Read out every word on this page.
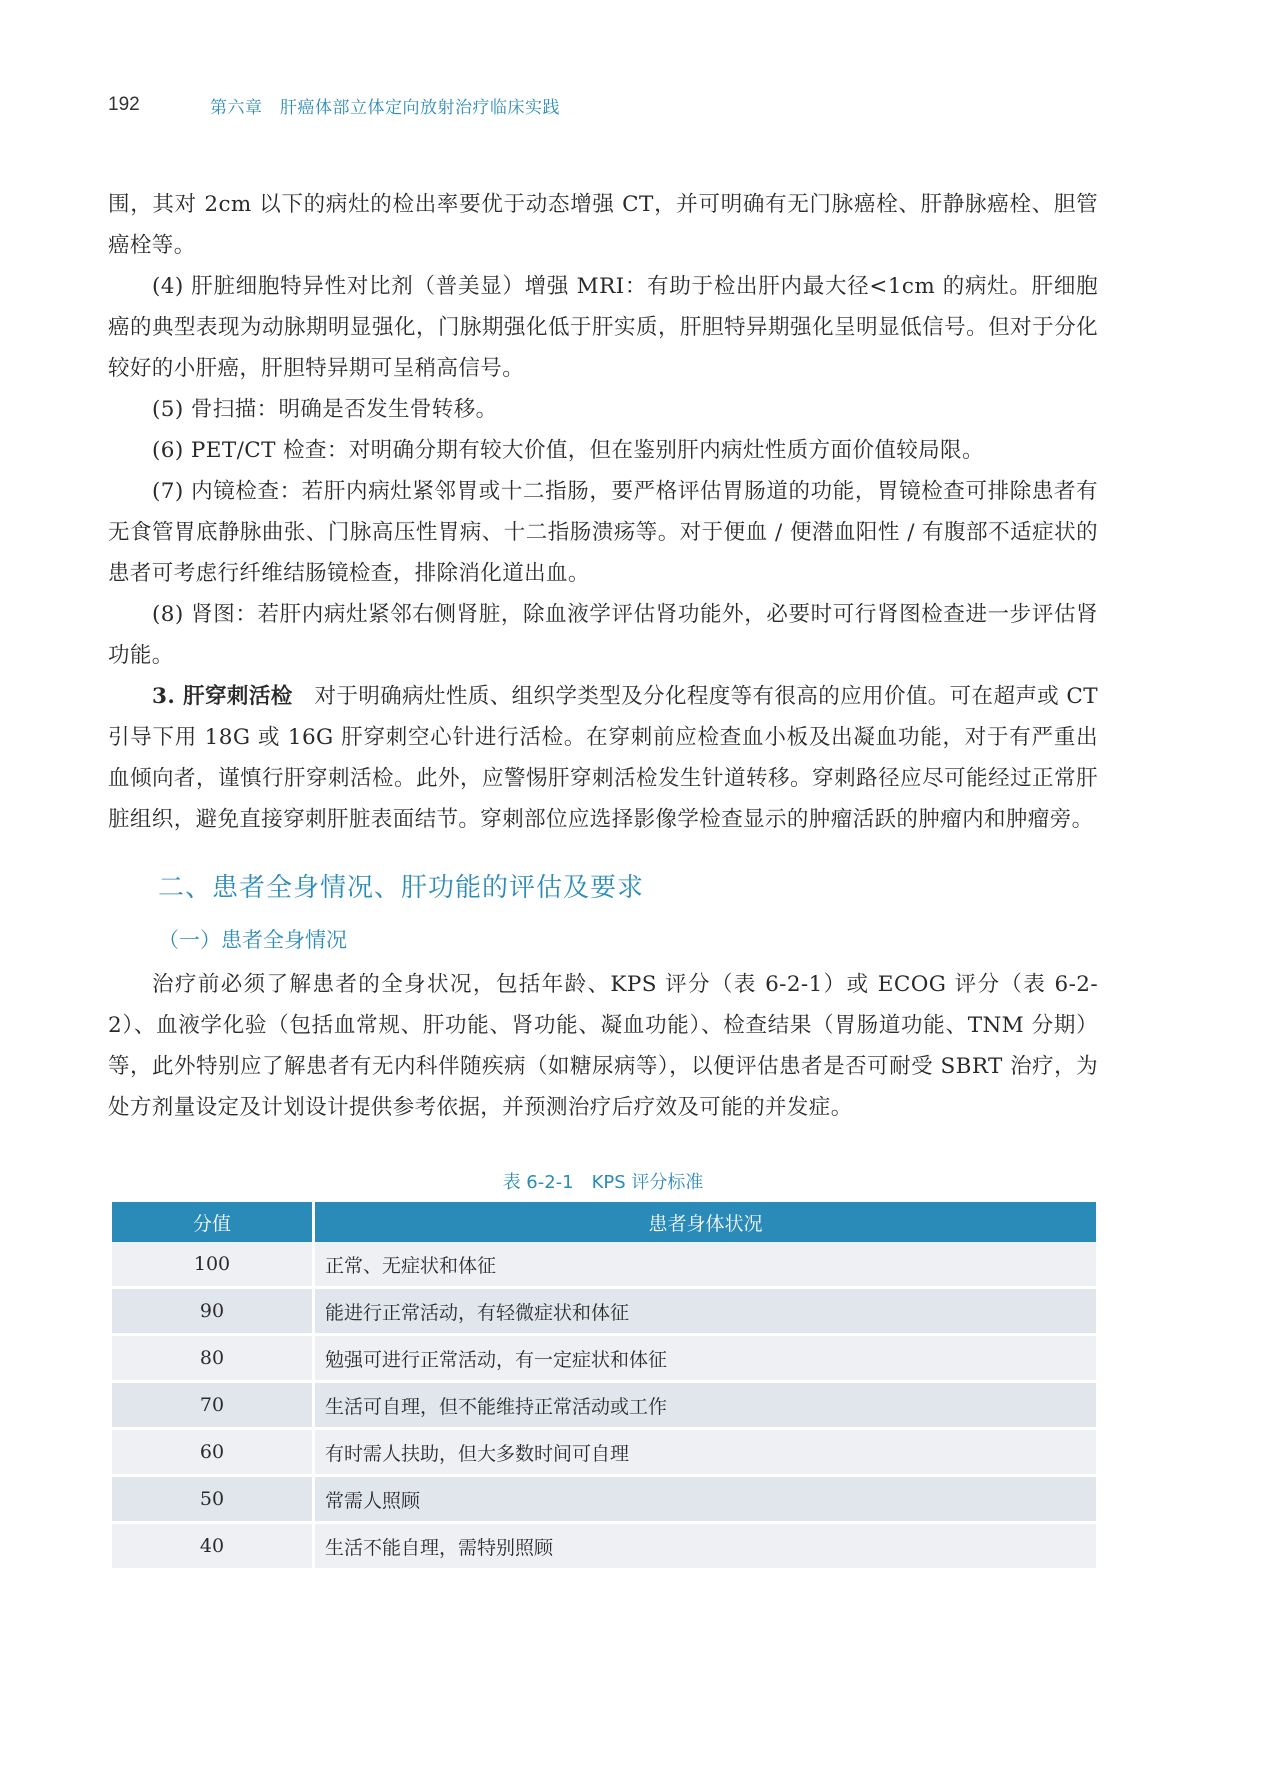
192	第六章　肝癌体部立体定向放射治疗临床实践

围，其对 2cm 以下的病灶的检出率要优于动态增强 CT，并可明确有无门脉癌栓、肝静脉癌栓、胆管癌栓等。

(4) 肝脏细胞特异性对比剂（普美显）增强 MRI：有助于检出肝内最大径<1cm 的病灶。肝细胞癌的典型表现为动脉期明显强化，门脉期强化低于肝实质，肝胆特异期强化呈明显低信号。但对于分化较好的小肝癌，肝胆特异期可呈稍高信号。

(5) 骨扫描：明确是否发生骨转移。

(6) PET/CT 检查：对明确分期有较大价值，但在鉴别肝内病灶性质方面价值较局限。

(7) 内镜检查：若肝内病灶紧邻胃或十二指肠，要严格评估胃肠道的功能，胃镜检查可排除患者有无食管胃底静脉曲张、门脉高压性胃病、十二指肠溃疡等。对于便血 / 便潜血阳性 / 有腹部不适症状的患者可考虑行纤维结肠镜检查，排除消化道出血。

(8) 肾图：若肝内病灶紧邻右侧肾脏，除血液学评估肾功能外，必要时可行肾图检查进一步评估肾功能。

3. 肝穿刺活检　 对于明确病灶性质、组织学类型及分化程度等有很高的应用价值。可在超声或 CT 引导下用 18G 或 16G 肝穿刺空心针进行活检。在穿刺前应检查血小板及出凝血功能，对于有严重出血倾向者，谨慎行肝穿刺活检。此外，应警惕肝穿刺活检发生针道转移。穿刺路径应尽可能经过正常肝脏组织，避免直接穿刺肝脏表面结节。穿刺部位应选择影像学检查显示的肿瘤活跃的肿瘤内和肿瘤旁。

二、患者全身情况、肝功能的评估及要求
（一）患者全身情况

治疗前必须了解患者的全身状况，包括年龄、KPS 评分（表 6-2-1）或 ECOG 评分（表 6-2-2）、血液学化验（包括血常规、肝功能、肾功能、凝血功能）、检查结果（胃肠道功能、TNM 分期）等，此外特别应了解患者有无内科伴随疾病（如糖尿病等），以便评估患者是否可耐受 SBRT 治疗，为处方剂量设定及计划设计提供参考依据，并预测治疗后疗效及可能的并发症。

表 6-2-1　KPS 评分标准
分值	患者身体状况
100	正常、无症状和体征
90	能进行正常活动，有轻微症状和体征
80	勉强可进行正常活动，有一定症状和体征
70	生活可自理，但不能维持正常活动或工作
60	有时需人扶助，但大多数时间可自理
50	常需人照顾
40	生活不能自理，需特别照顾
